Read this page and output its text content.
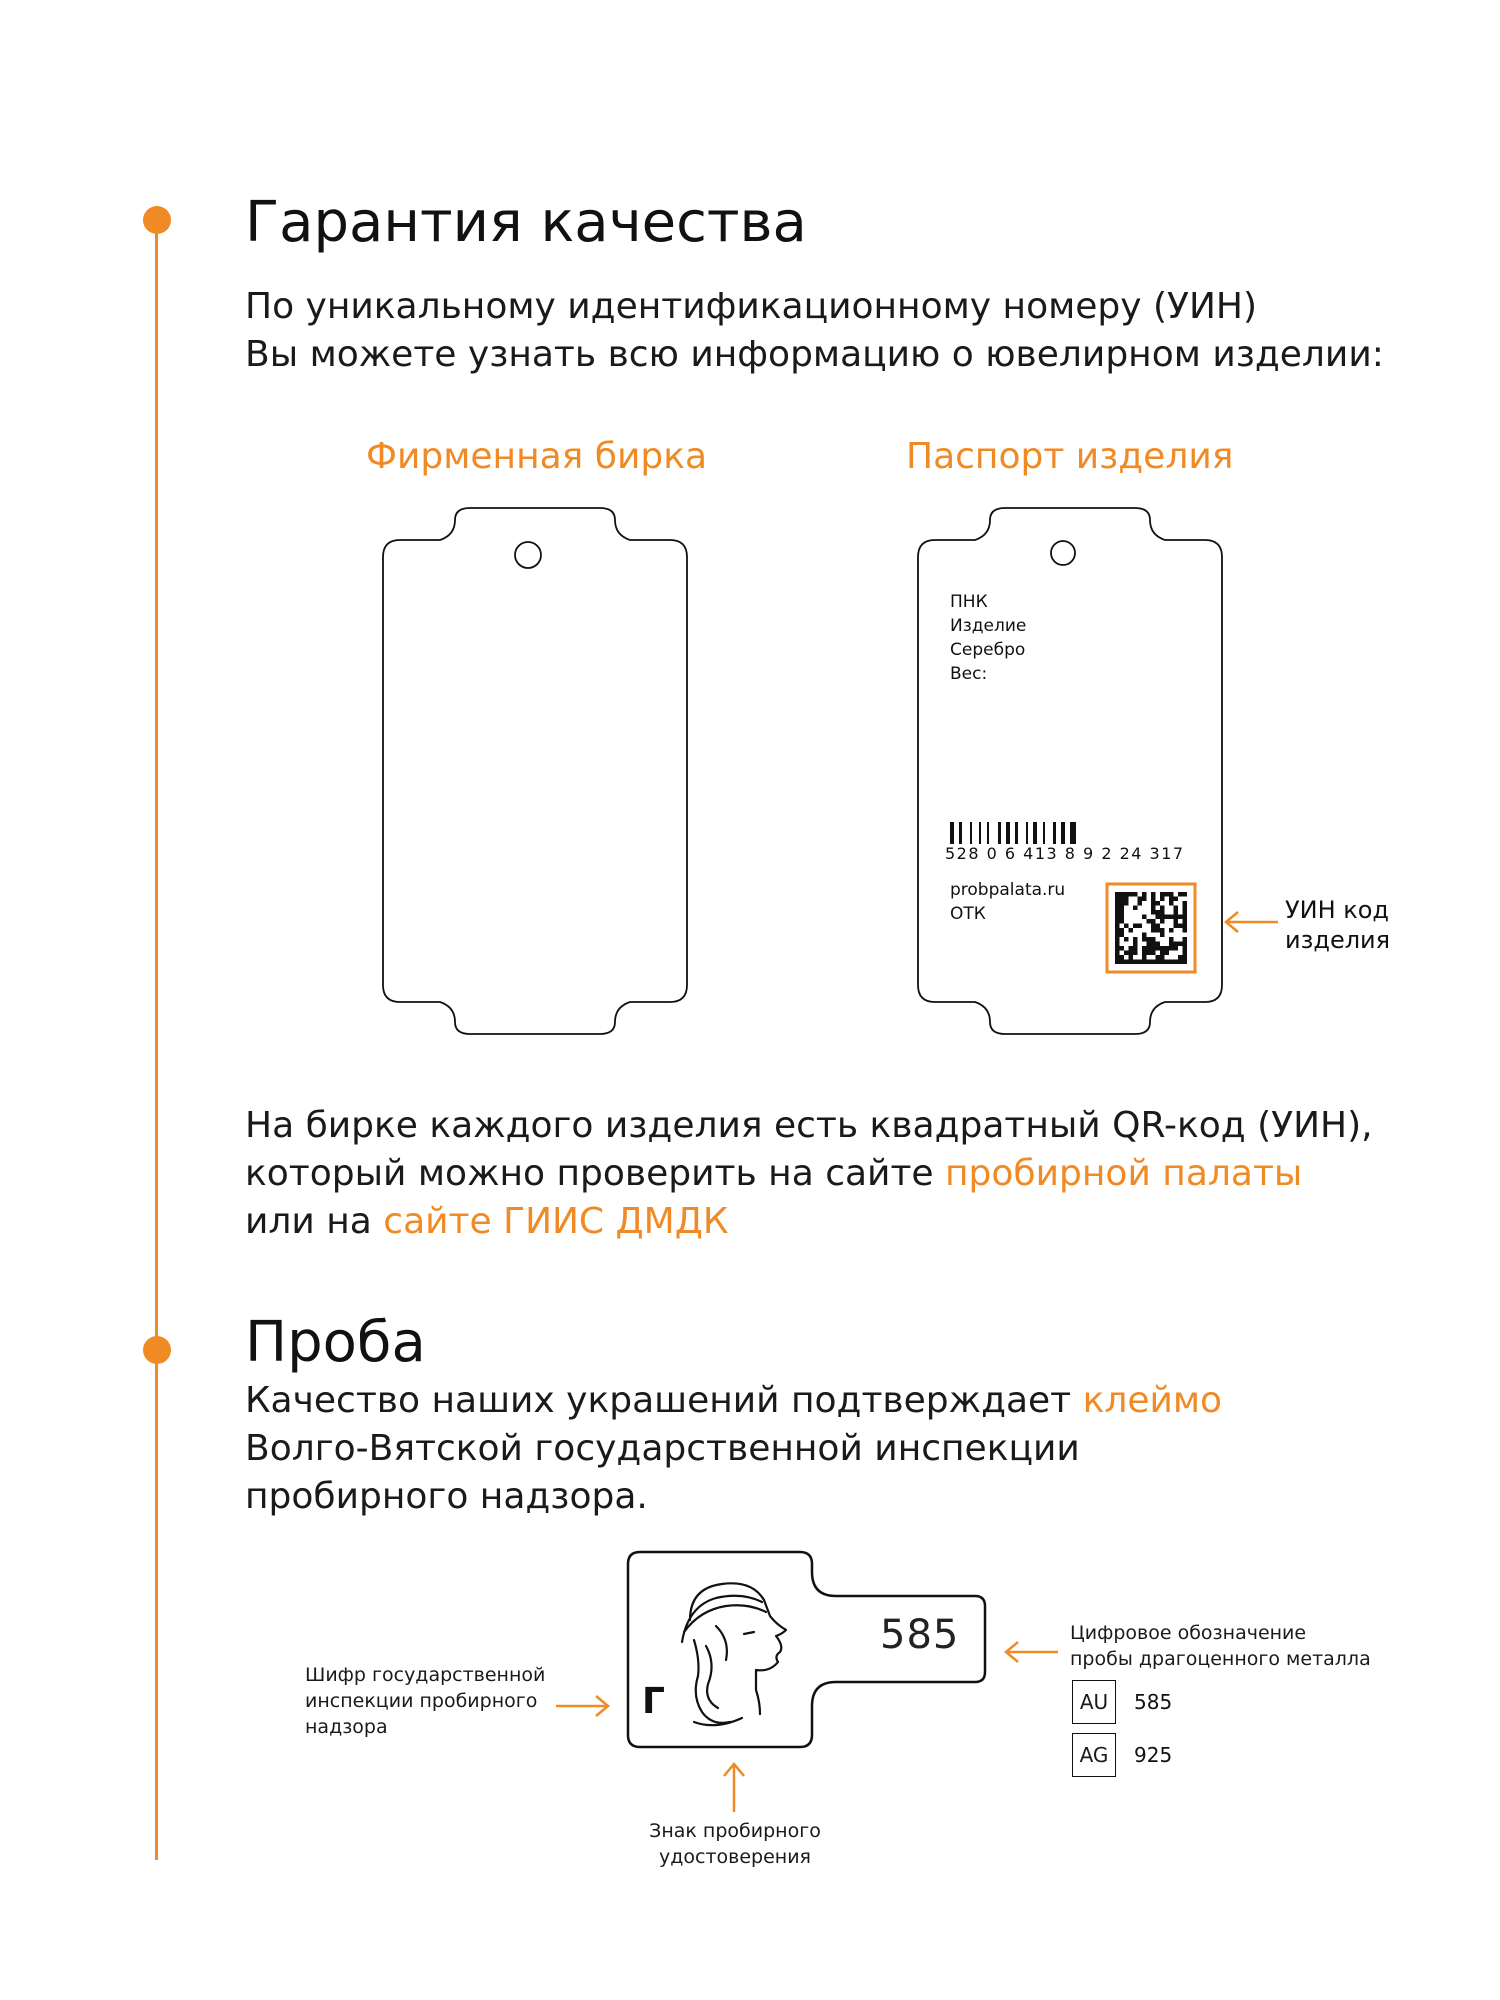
Гарантия качества

По уникальному идентификационному номеру (УИН)

Вы можете узнать всю информацию о ювелирном изделии:

Фирменная бирка	Паспорт изделия
ПНК
Изделие
Серебро
Вес:
528 0 6 413 8 9 2 24 317
probpalata.ru
ОТК	УИН код
изделия

На бирке каждого изделия есть квадратный QR-код (УИН),

который можно проверить на сайте пробирной палаты

или на сайте ГИИС ДМДК

Проба

Качество наших украшений подтверждает клеймо

Волго-Вятской государственной инспекции

пробирного надзора.

585
Г
Шифр государственной
инспекции пробирного
надзора
Знак пробирного
удостоверения
Цифровое обозначение
пробы драгоценного металла
AU	585
AG	925
